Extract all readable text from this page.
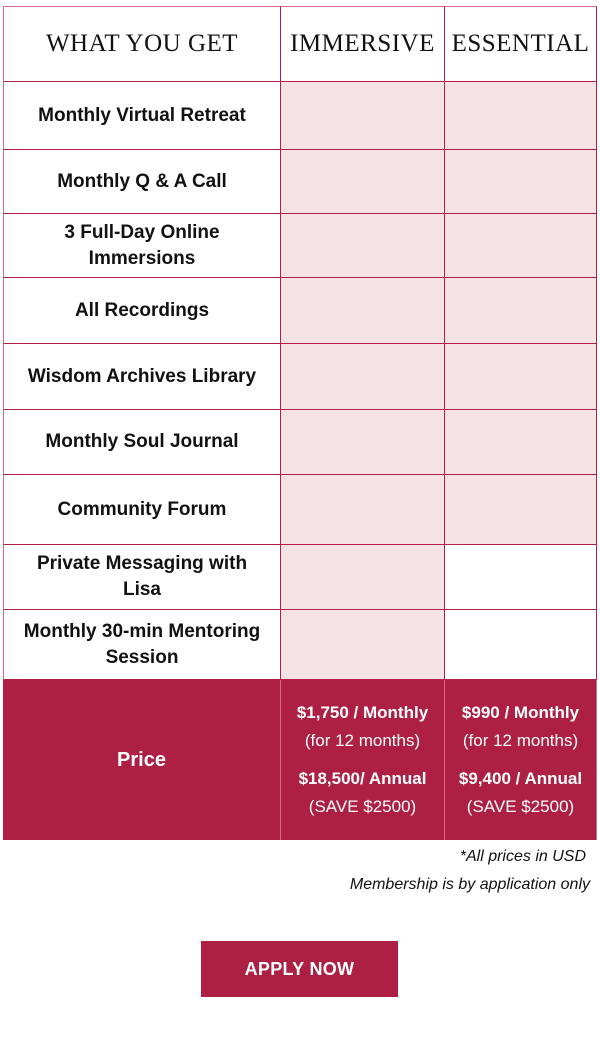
WHAT YOU GET	IMMERSIVE ESSENTIAL
Monthly Virtual Retreat
Monthly Q & A Call
3 Full-Day Online Immersions
All Recordings
Wisdom Archives Library
Monthly Soul Journal
Community Forum
Private Messaging with Lisa
Monthly 30-min Mentoring Session
Price
$1,750 / Monthly
(for 12 months)
$18,500/ Annual
(SAVE $2500)
$990 / Monthly
(for 12 months)
$9,400 / Annual
(SAVE $2500)
*All prices in USD
Membership is by application only
APPLY NOW
